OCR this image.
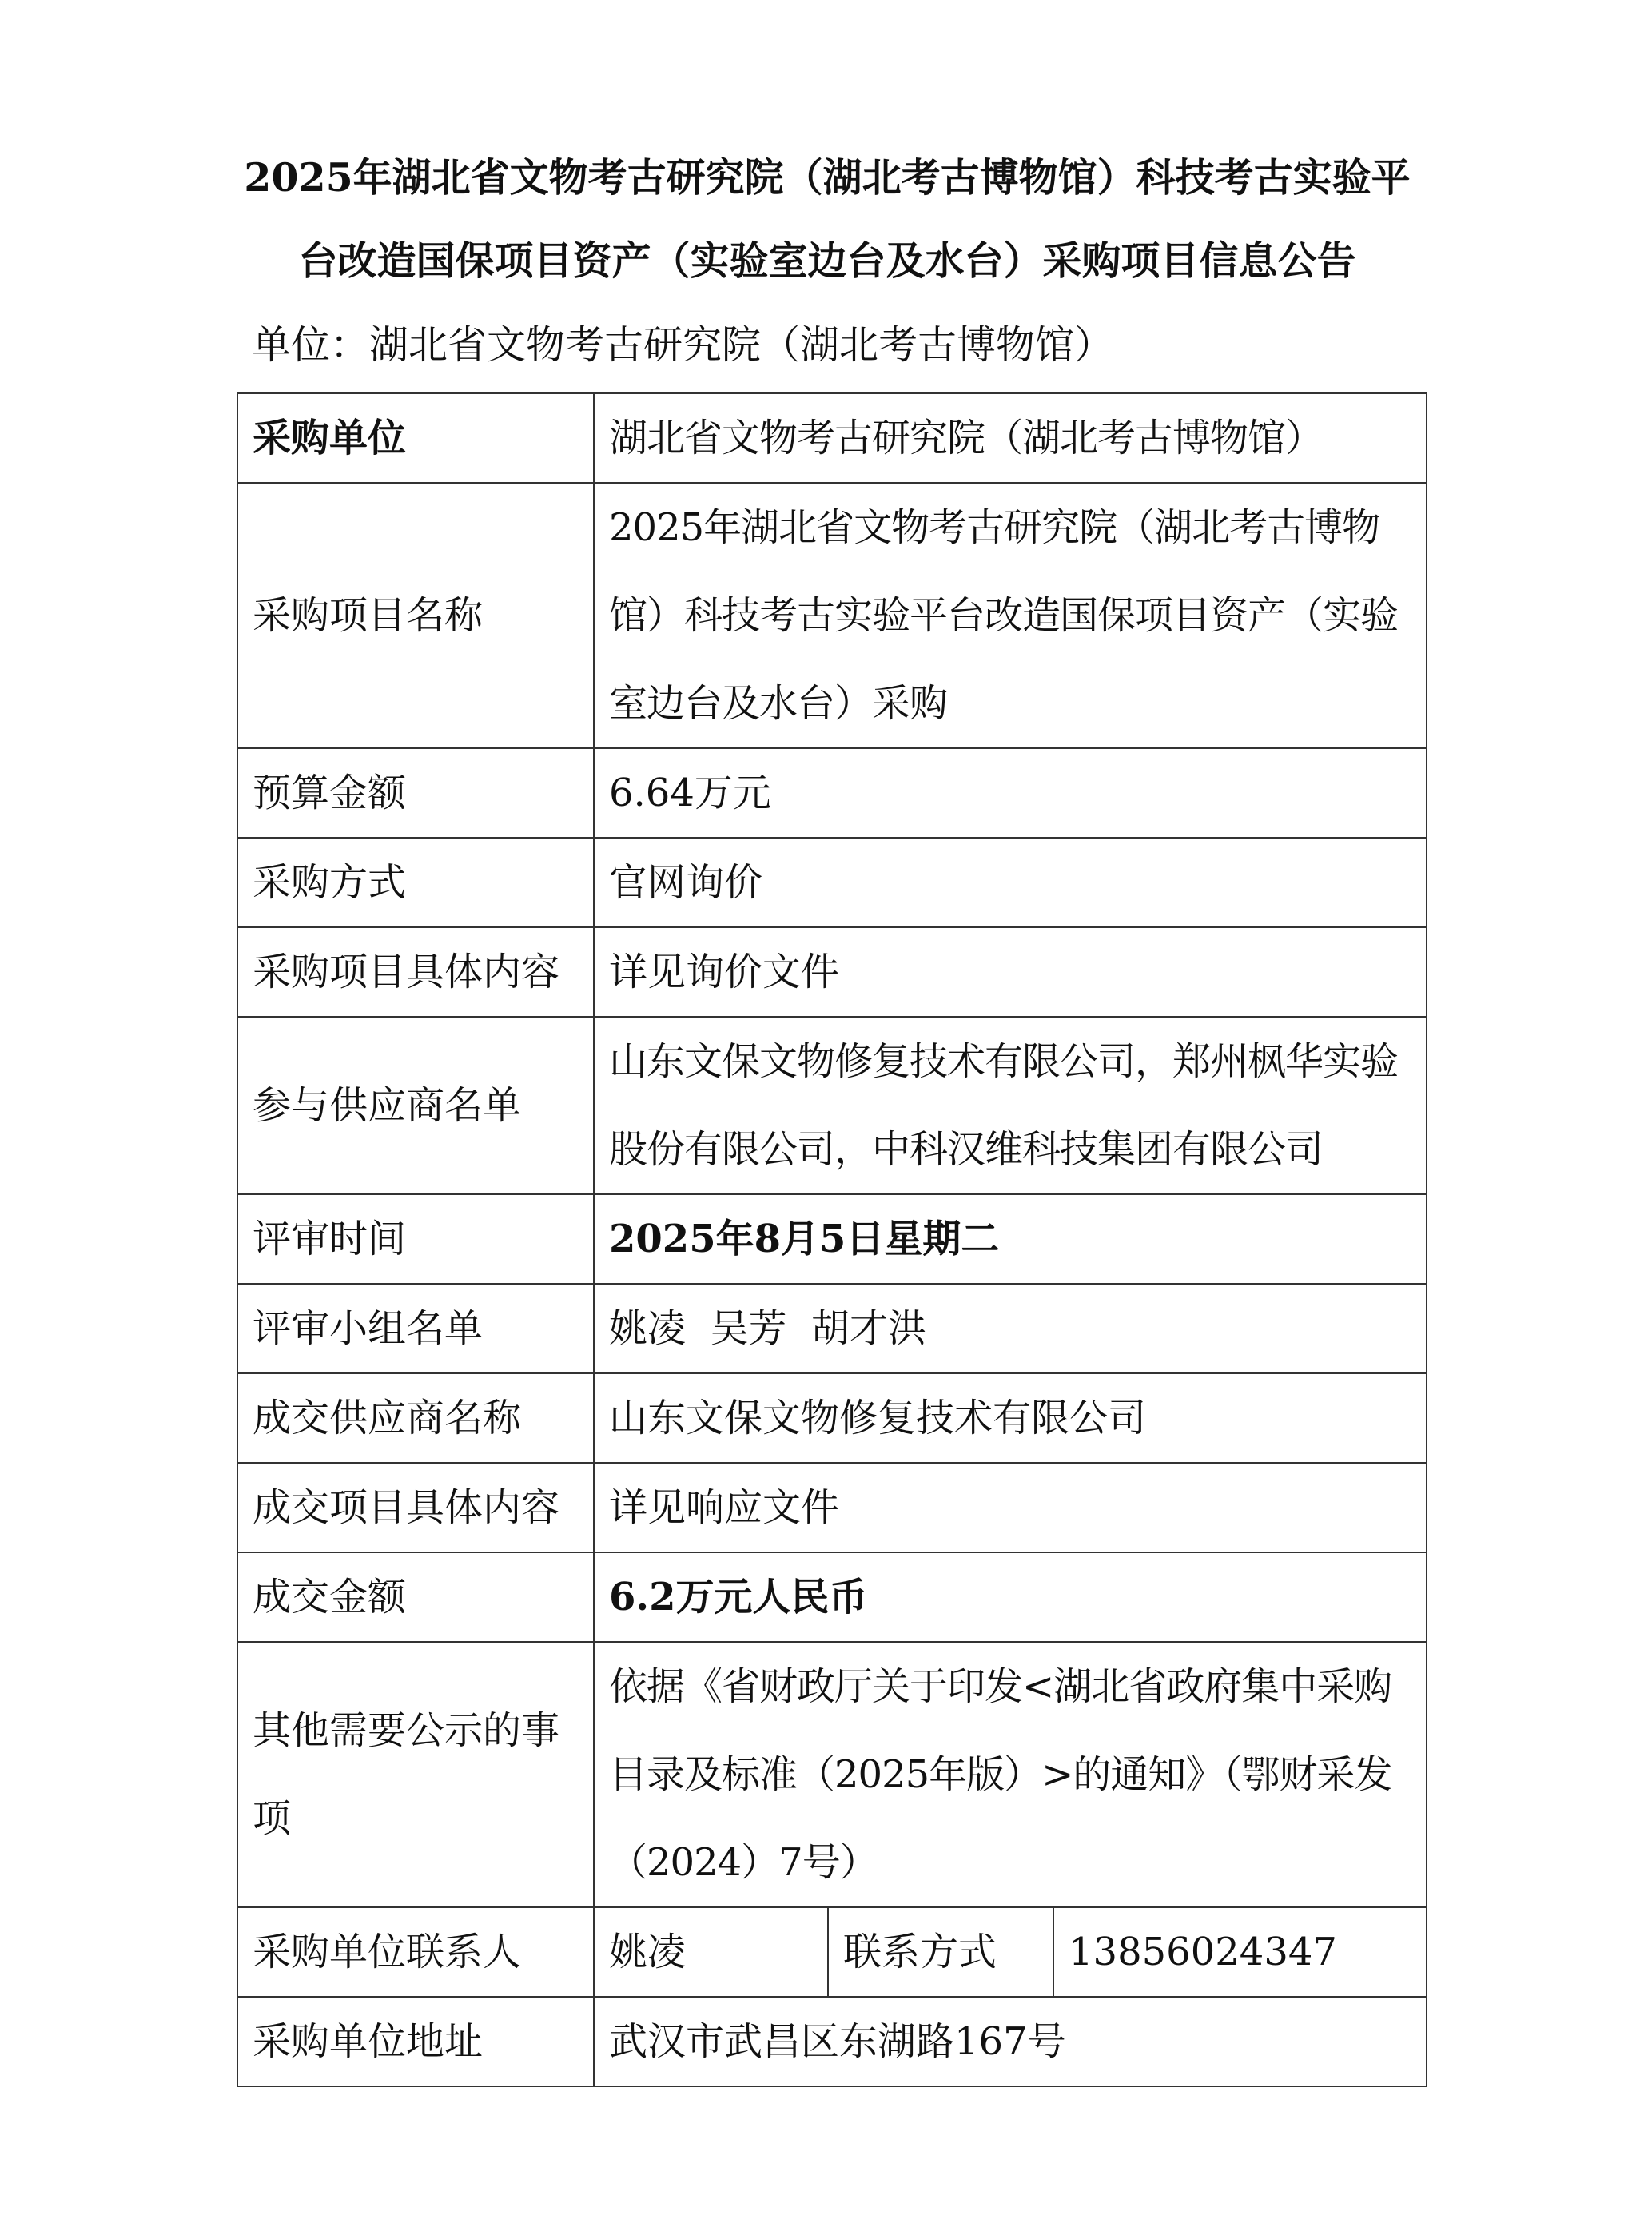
2025年湖北省文物考古研究院（湖北考古博物馆）科技考古实验平
台改造国保项目资产（实验室边台及水台）采购项目信息公告
单位：湖北省文物考古研究院（湖北考古博物馆）
采购单位	湖北省文物考古研究院（湖北考古博物馆）		
采购项目名称	2025年湖北省文物考古研究院（湖北考古博物馆）科技考古实验平台改造国保项目资产（实验室边台及水台）采购		
预算金额	6.64万元		
采购方式	官网询价		
采购项目具体内容	详见询价文件		
参与供应商名单	山东文保文物修复技术有限公司，郑州枫华实验股份有限公司，中科汉维科技集团有限公司		
评审时间	2025年8月5日星期二		
评审小组名单	姚凌  吴芳  胡才洪		
成交供应商名称	山东文保文物修复技术有限公司		
成交项目具体内容	详见响应文件		
成交金额	6.2万元人民币		
其他需要公示的事项	依据《省财政厅关于印发<湖北省政府集中采购目录及标准（2025年版）>的通知》（鄂财采发（2024）7号）		
采购单位联系人	姚凌	联系方式	13856024347
采购单位地址	武汉市武昌区东湖路167号		
